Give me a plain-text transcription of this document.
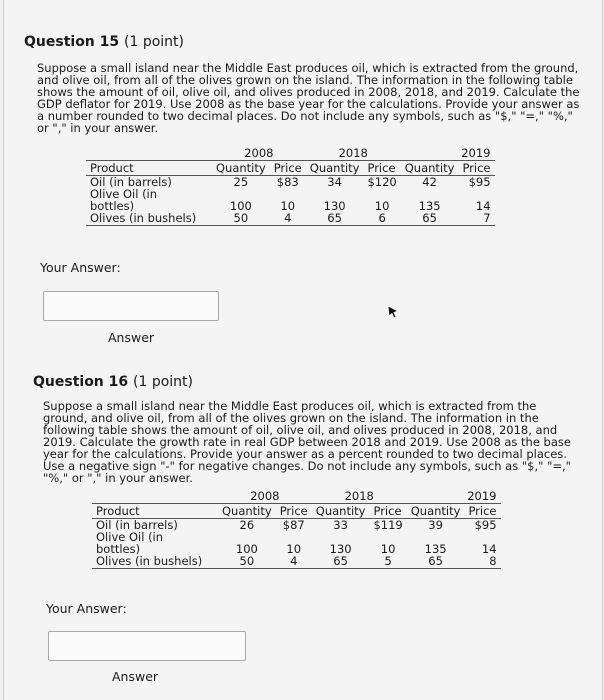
Question 15 (1 point)

Suppose a small island near the Middle East produces oil, which is extracted from the ground, and olive oil, from all of the olives grown on the island. The information in the following table shows the amount of oil, olive oil, and olives produced in 2008, 2018, and 2019. Calculate the GDP deflator for 2019. Use 2008 as the base year for the calculations. Provide your answer as a number rounded to two decimal places. Do not include any symbols, such as "$," "=," "%," or "," in your answer.

	2008		2018		2019	
Product	Quantity	Price	Quantity	Price	Quantity	Price
Oil (in barrels)	25	$83	34	$120	42	$95
Olive Oil (in						
bottles)	100	10	130	10	135	14
Olives (in bushels)	50	4	65	6	65	7
Your Answer:
Answer
Question 16 (1 point)

Suppose a small island near the Middle East produces oil, which is extracted from the ground, and olive oil, from all of the olives grown on the island. The information in the following table shows the amount of oil, olive oil, and olives produced in 2008, 2018, and 2019. Calculate the growth rate in real GDP between 2018 and 2019. Use 2008 as the base year for the calculations. Provide your answer as a percent rounded to two decimal places. Use a negative sign "-" for negative changes. Do not include any symbols, such as "$," "=," "%," or "," in your answer.

	2008		2018		2019	
Product	Quantity	Price	Quantity	Price	Quantity	Price
Oil (in barrels)	26	$87	33	$119	39	$95
Olive Oil (in						
bottles)	100	10	130	10	135	14
Olives (in bushels)	50	4	65	5	65	8
Your Answer:
Answer
